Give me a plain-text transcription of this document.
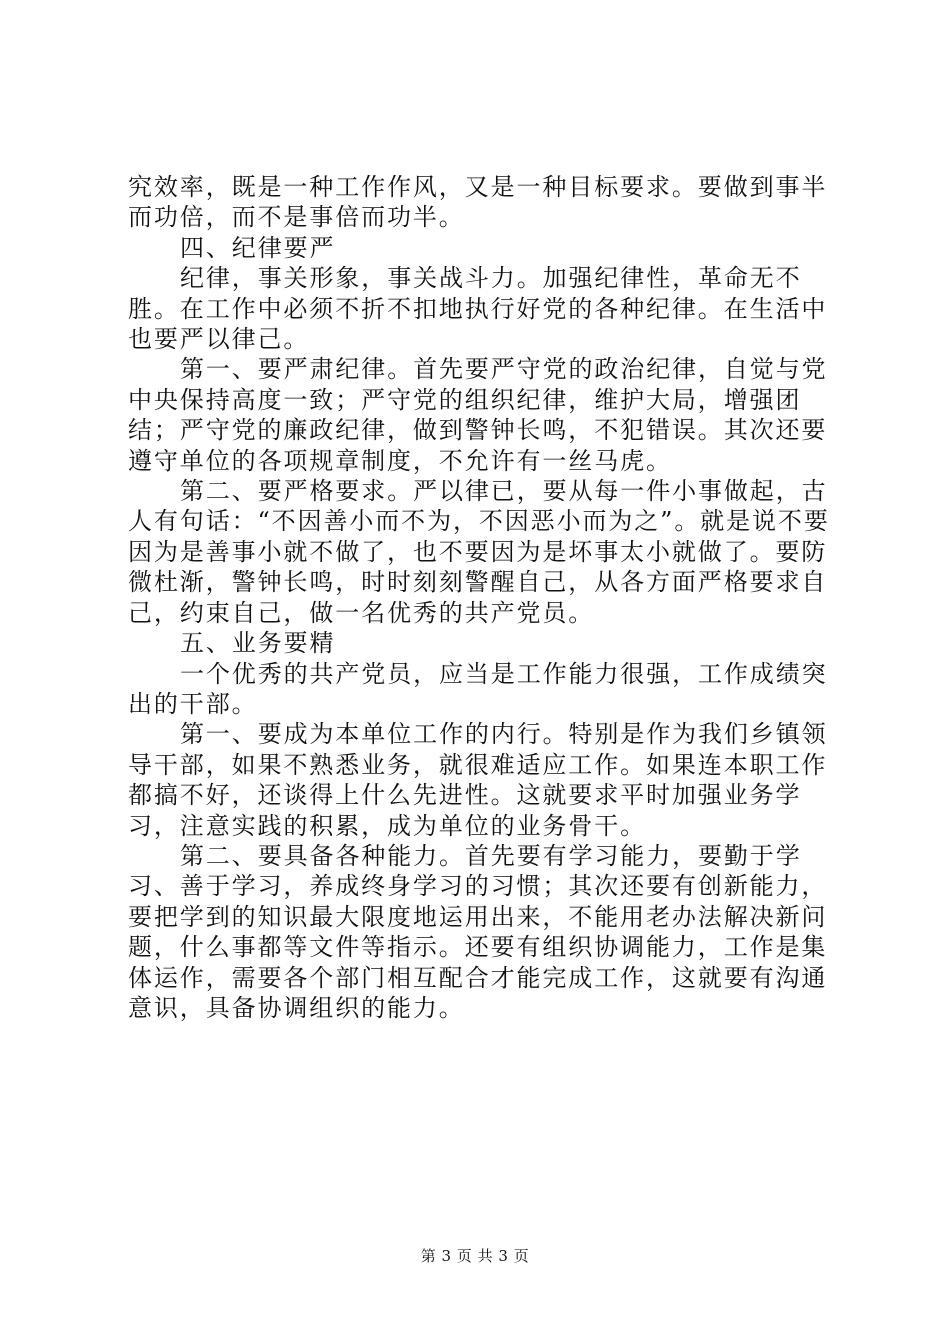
究效率，既是一种工作作风，又是一种目标要求。要做到事半而功倍，而不是事倍而功半。

四、纪律要严

纪律，事关形象，事关战斗力。加强纪律性，革命无不胜。在工作中必须不折不扣地执行好党的各种纪律。在生活中也要严以律己。

第一、要严肃纪律。首先要严守党的政治纪律，自觉与党中央保持高度一致；严守党的组织纪律，维护大局，增强团结；严守党的廉政纪律，做到警钟长鸣，不犯错误。其次还要遵守单位的各项规章制度，不允许有一丝马虎。

第二、要严格要求。严以律已，要从每一件小事做起，古人有句话：“不因善小而不为，不因恶小而为之”。就是说不要因为是善事小就不做了，也不要因为是坏事太小就做了。要防微杜渐，警钟长鸣，时时刻刻警醒自己，从各方面严格要求自己，约束自己，做一名优秀的共产党员。

五、业务要精

一个优秀的共产党员，应当是工作能力很强，工作成绩突出的干部。

第一、要成为本单位工作的内行。特别是作为我们乡镇领导干部，如果不熟悉业务，就很难适应工作。如果连本职工作都搞不好，还谈得上什么先进性。这就要求平时加强业务学习，注意实践的积累，成为单位的业务骨干。

第二、要具备各种能力。首先要有学习能力，要勤于学习、善于学习，养成终身学习的习惯；其次还要有创新能力，要把学到的知识最大限度地运用出来，不能用老办法解决新问题，什么事都等文件等指示。还要有组织协调能力，工作是集体运作，需要各个部门相互配合才能完成工作，这就要有沟通意识，具备协调组织的能力。

第 3 页 共 3 页
